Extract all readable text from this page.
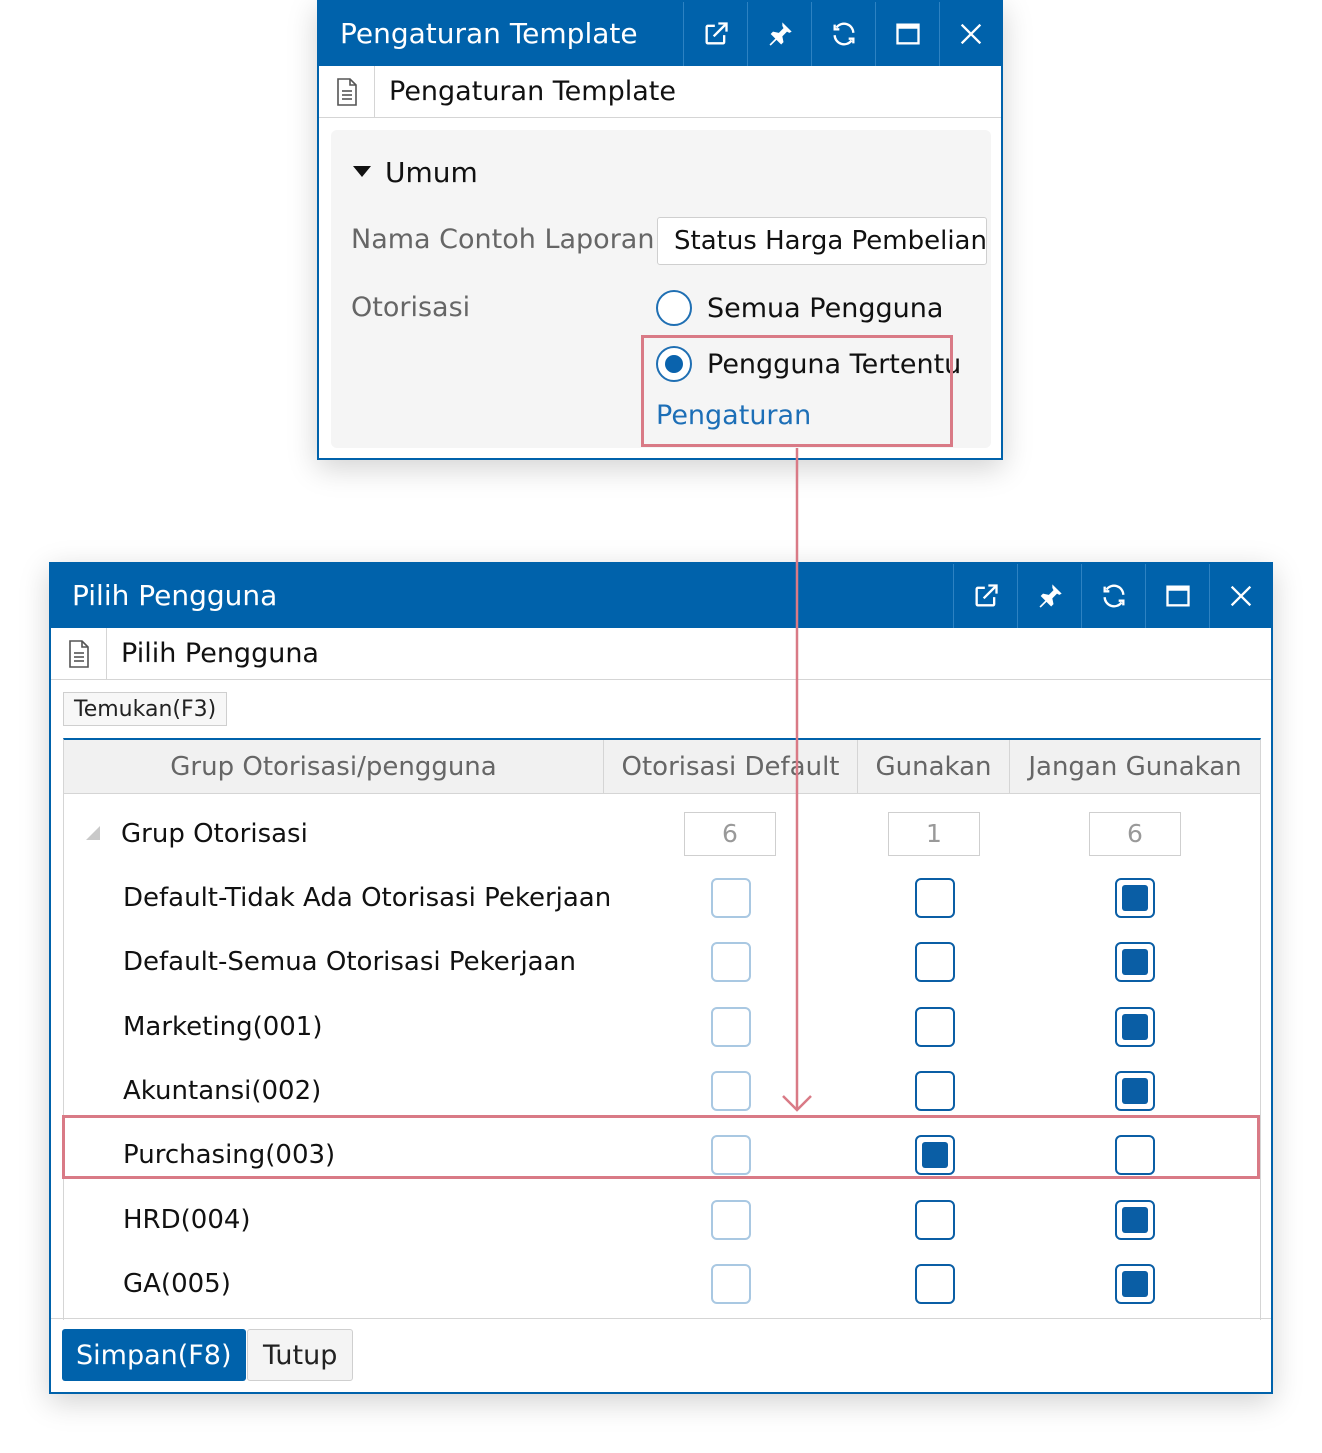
Pengaturan Template
Pengaturan Template
Umum
Nama Contoh Laporan
Status Harga Pembelian
Otorisasi	Semua Pengguna
Pengguna Tertentu
Pengaturan
Pilih Pengguna
Pilih Pengguna
Temukan(F3)
Grup Otorisasi/pengguna	Otorisasi Default	Gunakan	Jangan Gunakan
Grup Otorisasi	6	1	6
Default-Tidak Ada Otorisasi Pekerjaan
Default-Semua Otorisasi Pekerjaan
Marketing(001)
Akuntansi(002)
Purchasing(003)
HRD(004)
GA(005)
Simpan(F8)	Tutup
